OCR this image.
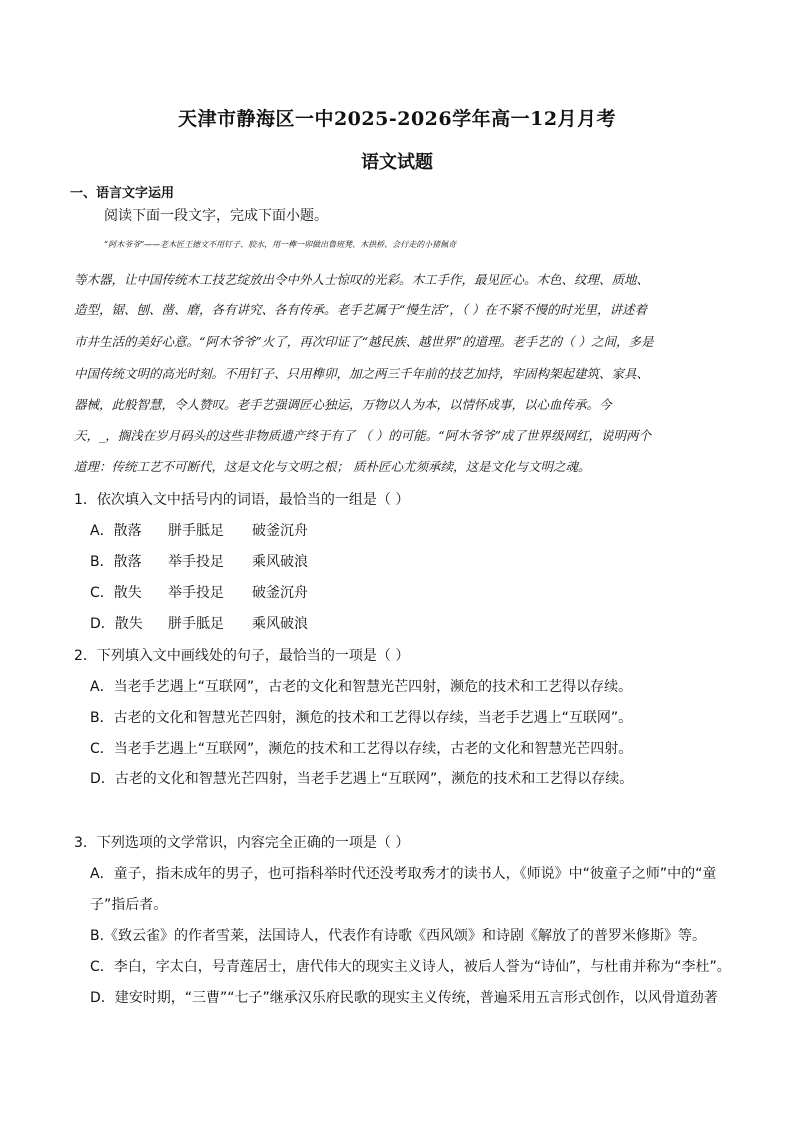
天津市静海区一中2025-2026学年高一12月月考
语文试题
一、语言文字运用
阅读下面一段文字，完成下面小题。
“阿木爷爷”——老木匠王德文不用钉子、胶水，用一榫一卯做出鲁班凳、木拱桥、会行走的小猪佩奇
等木器，让中国传统木工技艺绽放出令中外人士惊叹的光彩。木工手作，最见匠心。木色、纹理、质地、
造型，锯、刨、凿、磨，各有讲究、各有传承。老手艺属于“慢生活”，（ ）在不紧不慢的时光里，讲述着
市井生活的美好心意。“阿木爷爷”火了，再次印证了“越民族、越世界”的道理。老手艺的（ ）之间，多是
中国传统文明的高光时刻。不用钉子、只用榫卯，加之两三千年前的技艺加持，牢固构架起建筑、家具、
器械，此般智慧，令人赞叹。老手艺强调匠心独运，万物以人为本，以情怀成事，以心血传承。今
天，_，搁浅在岁月码头的这些非物质遗产终于有了 （ ）的可能。“阿木爷爷”成了世界级网红，说明两个
道理：传统工艺不可断代，这是文化与文明之根； 质朴匠心尤须承续，这是文化与文明之魂。
1．依次填入文中括号内的词语，最恰当的一组是（ ）
A．散落 胼手胝足 破釜沉舟
B．散落 举手投足 乘风破浪
C．散失 举手投足 破釜沉舟
D．散失 胼手胝足 乘风破浪
2．下列填入文中画线处的句子，最恰当的一项是（ ）
A．当老手艺遇上“互联网”，古老的文化和智慧光芒四射，濒危的技术和工艺得以存续。
B．古老的文化和智慧光芒四射，濒危的技术和工艺得以存续，当老手艺遇上“互联网”。
C．当老手艺遇上“互联网”，濒危的技术和工艺得以存续，古老的文化和智慧光芒四射。
D．古老的文化和智慧光芒四射，当老手艺遇上“互联网”，濒危的技术和工艺得以存续。
3．下列选项的文学常识，内容完全正确的一项是（ ）
A．童子，指未成年的男子，也可指科举时代还没考取秀才的读书人，《师说》中“彼童子之师”中的“童
子”指后者。
B.《致云雀》的作者雪莱，法国诗人，代表作有诗歌《西风颂》和诗剧《解放了的普罗米修斯》等。
C．李白，字太白，号青莲居士，唐代伟大的现实主义诗人，被后人誉为“诗仙”，与杜甫并称为“李杜”。
D．建安时期，“三曹”“七子”继承汉乐府民歌的现实主义传统，普遍采用五言形式创作，以风骨道劲著
